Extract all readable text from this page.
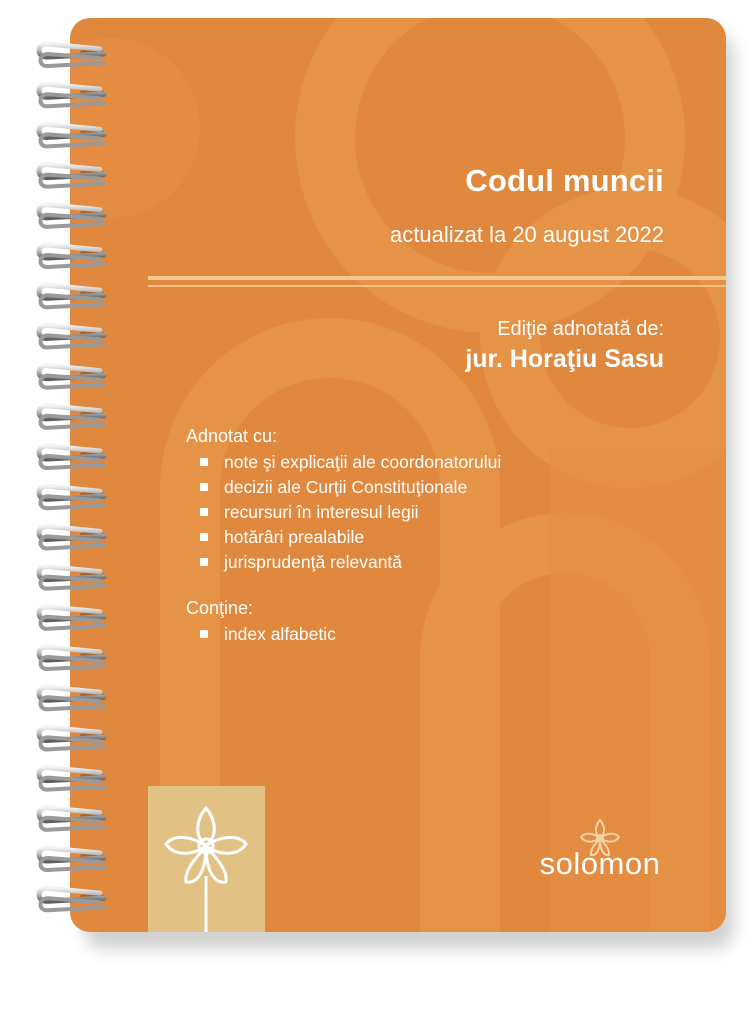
Codul muncii
actualizat la 20 august 2022
Ediţie adnotată de:
jur. Horaţiu Sasu
Adnotat cu:
note şi explicaţii ale coordonatorului
decizii ale Curţii Constituţionale
recursuri în interesul legii
hotărâri prealabile
jurisprudenţă relevantă
Conţine:
index alfabetic
solomon
